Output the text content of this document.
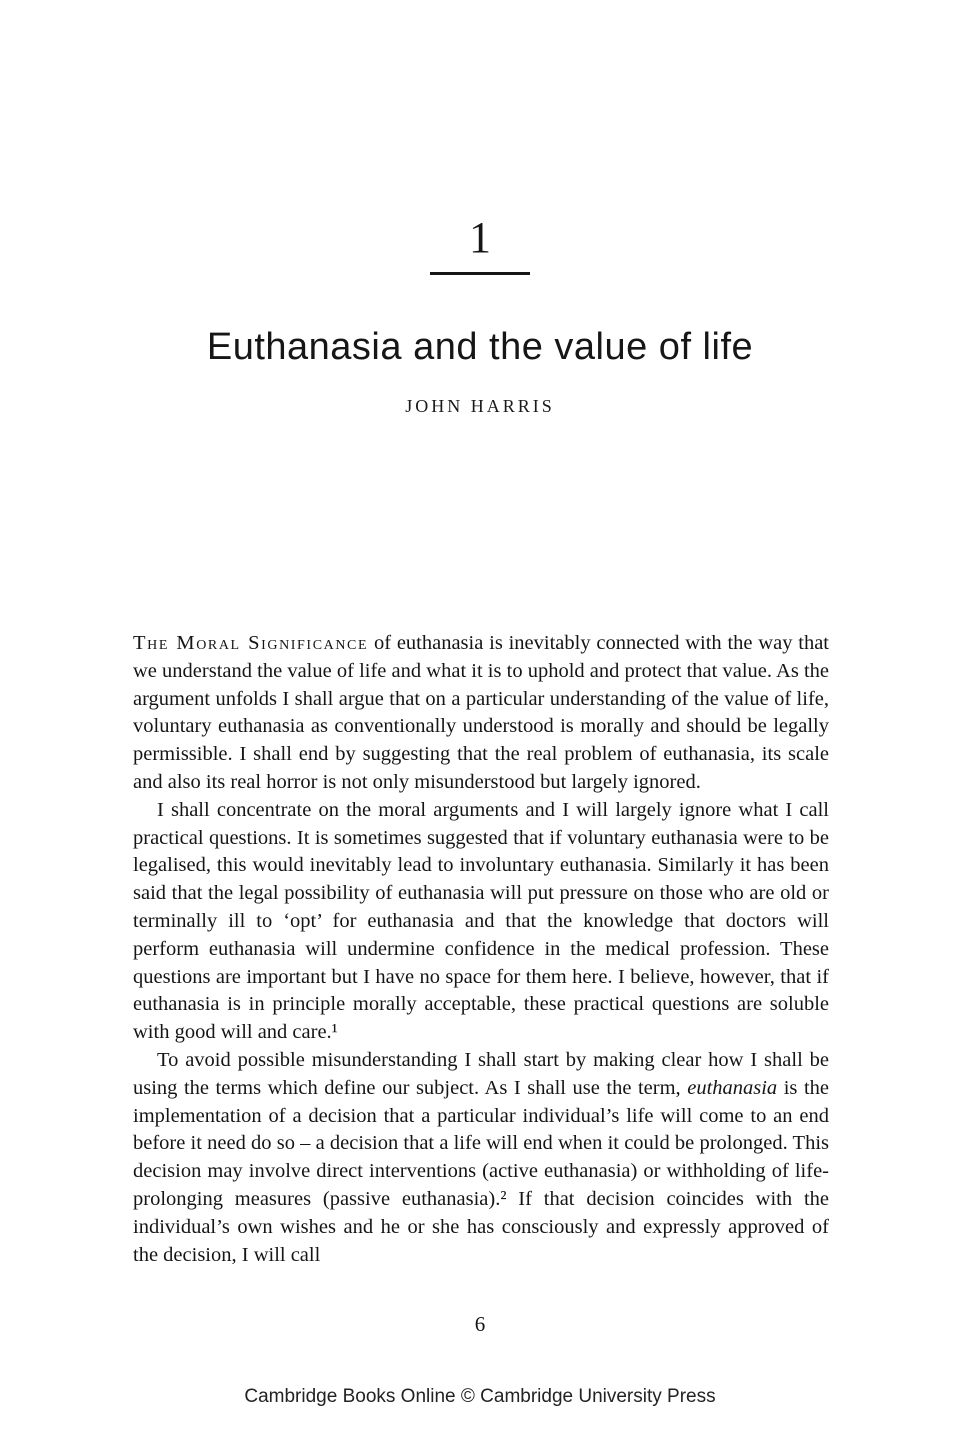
1
Euthanasia and the value of life
JOHN HARRIS

The Moral Significance of euthanasia is inevitably connected with the way that we understand the value of life and what it is to uphold and protect that value. As the argument unfolds I shall argue that on a particular understanding of the value of life, voluntary euthanasia as conventionally understood is morally and should be legally permissible. I shall end by suggesting that the real problem of euthanasia, its scale and also its real horror is not only misunderstood but largely ignored.

I shall concentrate on the moral arguments and I will largely ignore what I call practical questions. It is sometimes suggested that if voluntary euthanasia were to be legalised, this would inevitably lead to involuntary euthanasia. Similarly it has been said that the legal possibility of euthanasia will put pressure on those who are old or terminally ill to ‘opt’ for euthanasia and that the knowledge that doctors will perform euthanasia will undermine confidence in the medical profession. These questions are important but I have no space for them here. I believe, however, that if euthanasia is in principle morally acceptable, these practical questions are soluble with good will and care.¹

To avoid possible misunderstanding I shall start by making clear how I shall be using the terms which define our subject. As I shall use the term, euthanasia is the implementation of a decision that a particular individual’s life will come to an end before it need do so – a decision that a life will end when it could be prolonged. This decision may involve direct interventions (active euthanasia) or withholding of life-prolonging measures (passive euthanasia).² If that decision coincides with the individual’s own wishes and he or she has consciously and expressly approved of the decision, I will call

6
Cambridge Books Online © Cambridge University Press
